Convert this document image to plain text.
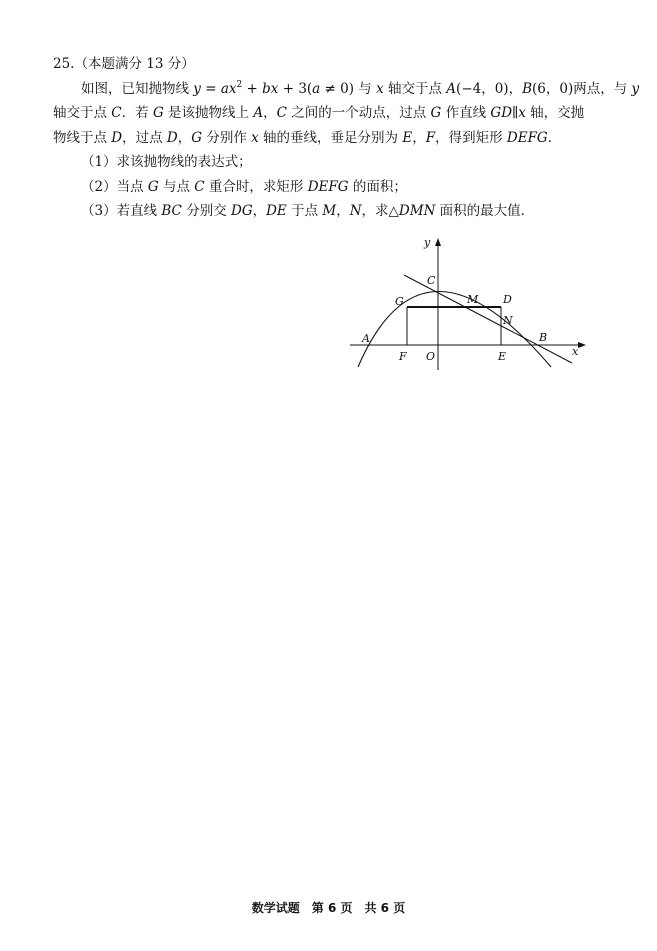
25.（本题满分 13 分）
如图，已知抛物线 $y = ax^2$ + bx + 3(a ≠ 0) 与 x 轴交于点 A(−4，0)，B(6，0)两点，与 y
轴交于点 C．若 G 是该抛物线上 A，C 之间的一个动点，过点 G 作直线 GD∥x 轴，交抛
物线于点 D，过点 D，G 分别作 x 轴的垂线，垂足分别为 E，F，得到矩形 DEFG．
（1）求该抛物线的表达式；
（2）当点 G 与点 C 重合时，求矩形 DEFG 的面积；
（3）若直线 BC 分别交 DG，DE 于点 M，N，求△DMN 面积的最大值．
y
x
C
G	M D
N
A	B
F O	E
数学试题　第 6 页　共 6 页
